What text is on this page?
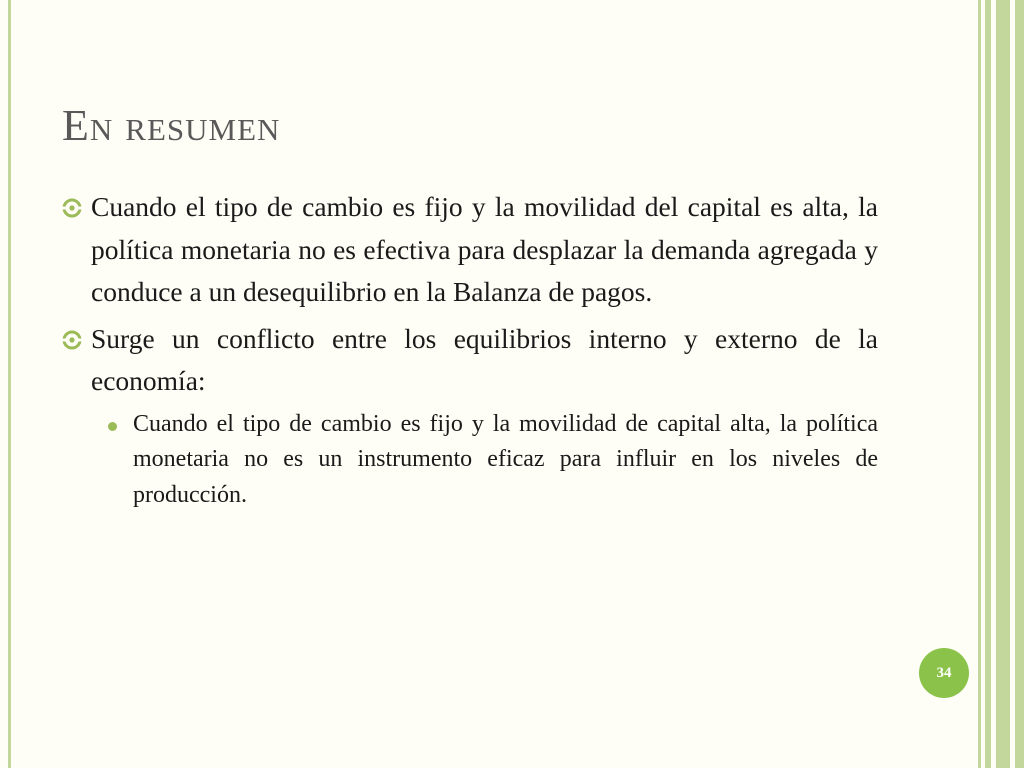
En resumen

Cuando el tipo de cambio es fijo y la movilidad del capital es alta, la política monetaria no es efectiva para desplazar la demanda agregada y conduce a un desequilibrio en la Balanza de pagos.

Surge un conflicto entre los equilibrios interno y externo de la economía:

Cuando el tipo de cambio es fijo y la movilidad de capital alta, la política monetaria no es un instrumento eficaz para influir en los niveles de producción.

34
